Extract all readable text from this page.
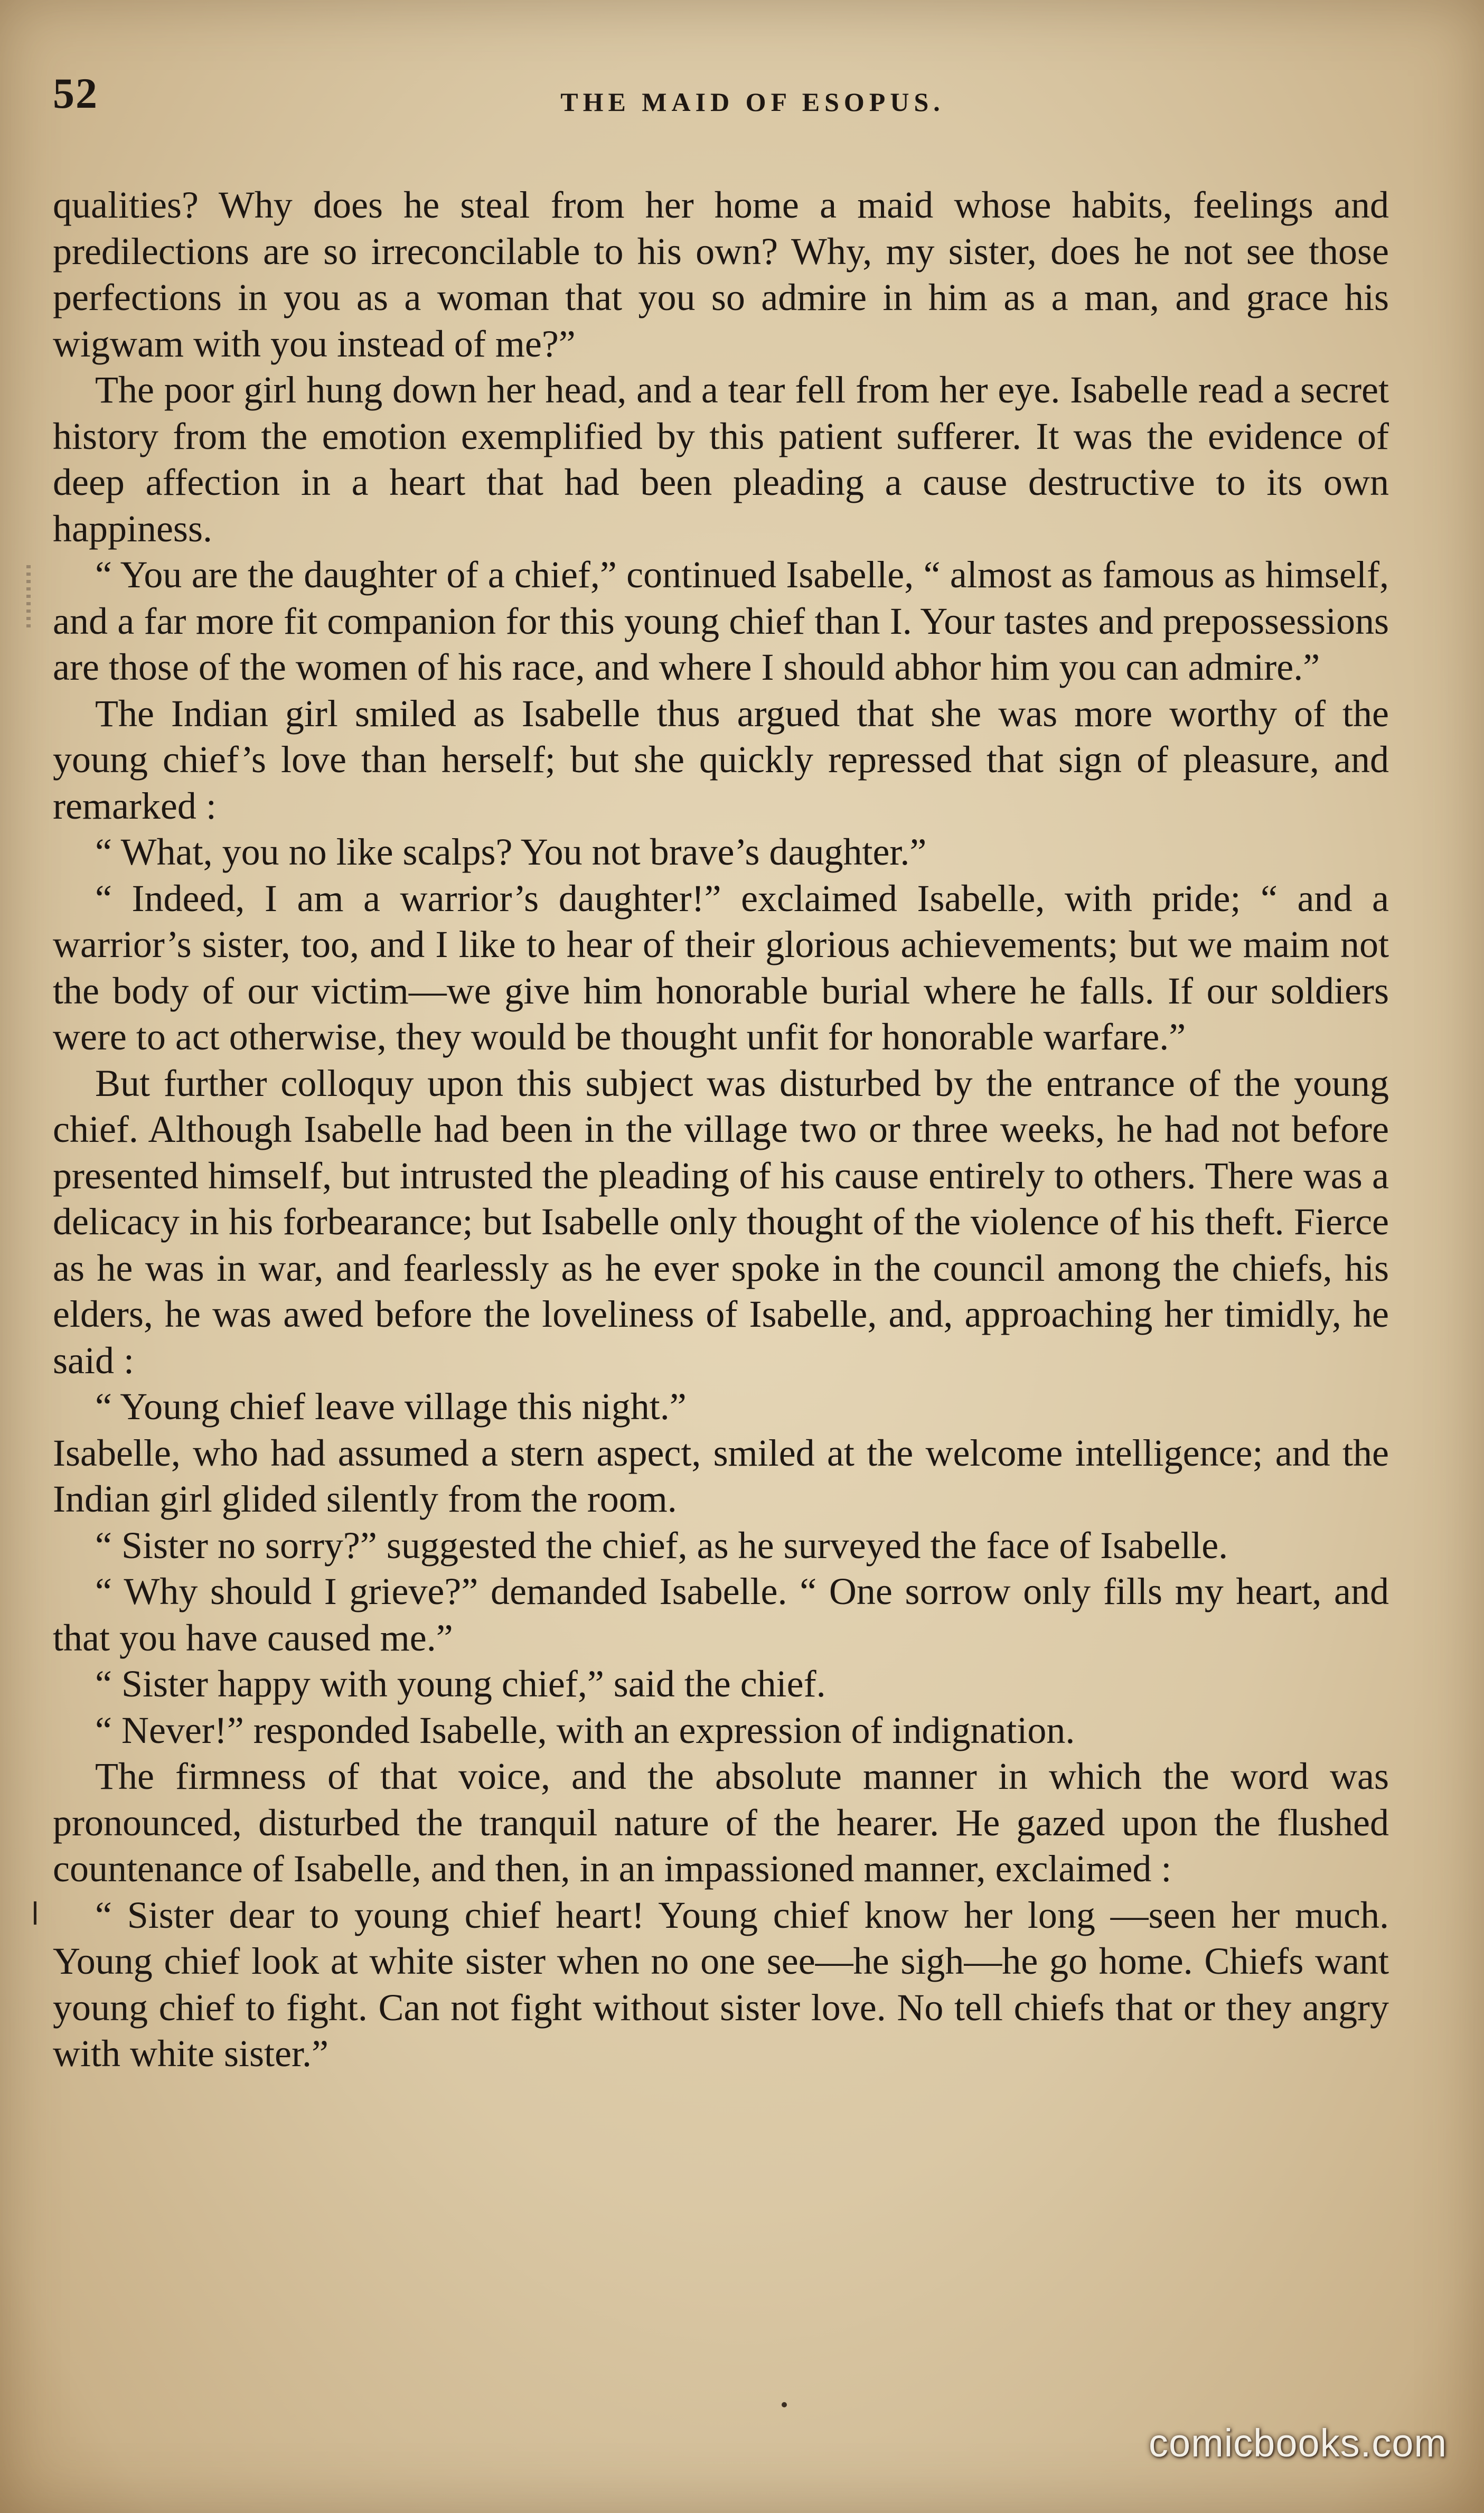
52	THE MAID OF ESOPUS.

qualities? Why does he steal from her home a maid whose habits, feelings and predilections are so irreconcilable to his own? Why, my sister, does he not see those perfections in you as a woman that you so admire in him as a man, and grace his wigwam with you instead of me?”

The poor girl hung down her head, and a tear fell from her eye. Isabelle read a secret history from the emotion exemplified by this patient sufferer. It was the evidence of deep affection in a heart that had been pleading a cause destructive to its own happiness.

“ You are the daughter of a chief,” continued Isabelle, “ almost as famous as himself, and a far more fit companion for this young chief than I. Your tastes and prepossessions are those of the women of his race, and where I should abhor him you can admire.”

The Indian girl smiled as Isabelle thus argued that she was more worthy of the young chief’s love than herself; but she quickly repressed that sign of pleasure, and remarked :

“ What, you no like scalps? You not brave’s daughter.”

“ Indeed, I am a warrior’s daughter!” exclaimed Isabelle, with pride; “ and a warrior’s sister, too, and I like to hear of their glorious achievements; but we maim not the body of our victim—we give him honorable burial where he falls. If our soldiers were to act otherwise, they would be thought unfit for honorable warfare.”

But further colloquy upon this subject was disturbed by the entrance of the young chief. Although Isabelle had been in the village two or three weeks, he had not before presented himself, but intrusted the pleading of his cause entirely to others. There was a delicacy in his forbearance; but Isabelle only thought of the violence of his theft. Fierce as he was in war, and fearlessly as he ever spoke in the council among the chiefs, his elders, he was awed before the loveliness of Isabelle, and, approaching her timidly, he said :

“ Young chief leave village this night.”

Isabelle, who had assumed a stern aspect, smiled at the welcome intelligence; and the Indian girl glided silently from the room.

“ Sister no sorry?” suggested the chief, as he surveyed the face of Isabelle.

“ Why should I grieve?” demanded Isabelle. “ One sorrow only fills my heart, and that you have caused me.”

“ Sister happy with young chief,” said the chief.

“ Never!” responded Isabelle, with an expression of indignation.

The firmness of that voice, and the absolute manner in which the word was pronounced, disturbed the tranquil nature of the hearer. He gazed upon the flushed countenance of Isabelle, and then, in an impassioned manner, exclaimed :

“ Sister dear to young chief heart! Young chief know her long —seen her much. Young chief look at white sister when no one see—he sigh—he go home. Chiefs want young chief to fight. Can not fight without sister love. No tell chiefs that or they angry with white sister.”

comicbooks.com
